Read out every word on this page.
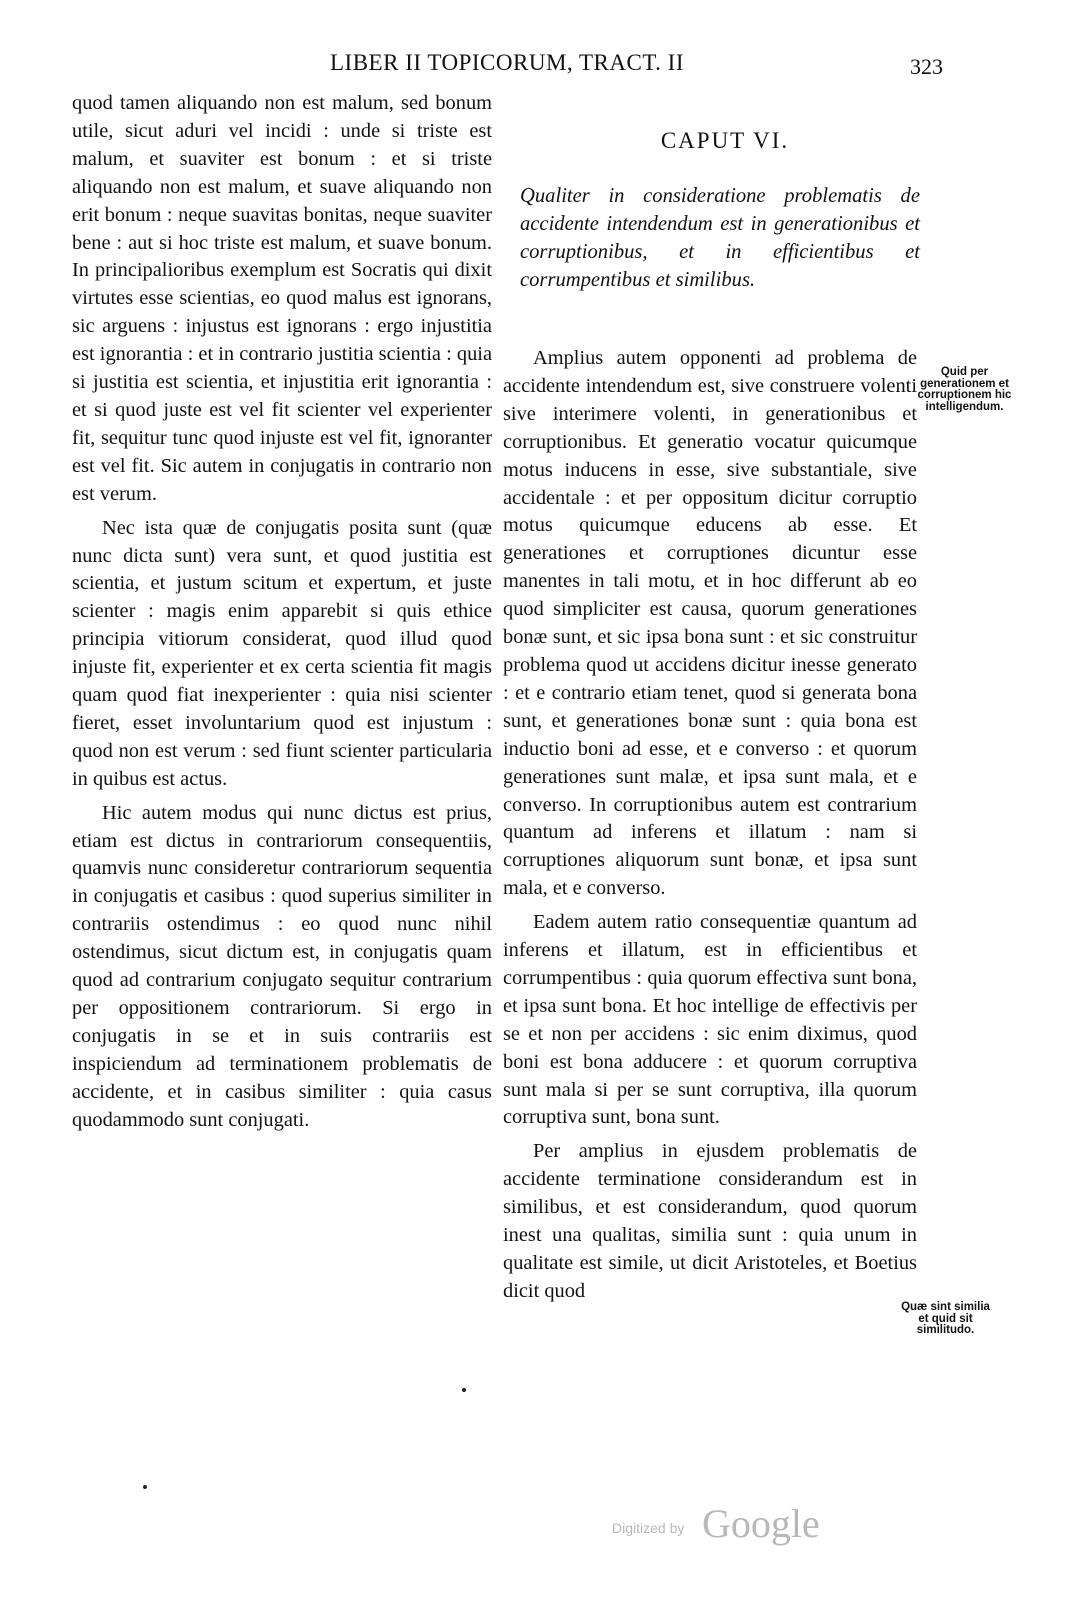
LIBER II TOPICORUM, TRACT. II	323

quod tamen aliquando non est malum, sed bonum utile, sicut aduri vel incidi : unde si triste est malum, et suaviter est bonum : et si triste aliquando non est malum, et suave aliquando non erit bonum : neque suavitas bonitas, neque suaviter bene : aut si hoc triste est malum, et suave bonum. In principalioribus exemplum est Socratis qui dixit virtutes esse scientias, eo quod malus est ignorans, sic arguens : injustus est ignorans : ergo injustitia est ignorantia : et in contrario justitia scientia : quia si justitia est scientia, et injustitia erit ignorantia : et si quod juste est vel fit scienter vel experienter fit, sequitur tunc quod injuste est vel fit, ignoranter est vel fit. Sic autem in conjugatis in contrario non est verum.

Nec ista quæ de conjugatis posita sunt (quæ nunc dicta sunt) vera sunt, et quod justitia est scientia, et justum scitum et expertum, et juste scienter : magis enim apparebit si quis ethice principia vitiorum considerat, quod illud quod injuste fit, experienter et ex certa scientia fit magis quam quod fiat inexperienter : quia nisi scienter fieret, esset involuntarium quod est injustum : quod non est verum : sed fiunt scienter particularia in quibus est actus.

Hic autem modus qui nunc dictus est prius, etiam est dictus in contrariorum consequentiis, quamvis nunc consideretur contrariorum sequentia in conjugatis et casibus : quod superius similiter in contrariis ostendimus : eo quod nunc nihil ostendimus, sicut dictum est, in conjugatis quam quod ad contrarium conjugato sequitur contrarium per oppositionem contrariorum. Si ergo in conjugatis in se et in suis contrariis est inspiciendum ad terminationem problematis de accidente, et in casibus similiter : quia casus quodammodo sunt conjugati.

CAPUT VI.
Qualiter in consideratione problematis de accidente intendendum est in generationibus et corruptionibus, et in efficientibus et corrumpentibus et similibus.

Amplius autem opponenti ad problema de accidente intendendum est, sive construere volenti sive interimere volenti, in generationibus et corruptionibus. Et generatio vocatur quicumque motus inducens in esse, sive substantiale, sive accidentale : et per oppositum dicitur corruptio motus quicumque educens ab esse. Et generationes et corruptiones dicuntur esse manentes in tali motu, et in hoc differunt ab eo quod simpliciter est causa, quorum generationes bonæ sunt, et sic ipsa bona sunt : et sic construitur problema quod ut accidens dicitur inesse generato : et e contrario etiam tenet, quod si generata bona sunt, et generationes bonæ sunt : quia bona est inductio boni ad esse, et e converso : et quorum generationes sunt malæ, et ipsa sunt mala, et e converso. In corruptionibus autem est contrarium quantum ad inferens et illatum : nam si corruptiones aliquorum sunt bonæ, et ipsa sunt mala, et e converso.

Eadem autem ratio consequentiæ quantum ad inferens et illatum, est in efficientibus et corrumpentibus : quia quorum effectiva sunt bona, et ipsa sunt bona. Et hoc intellige de effectivis per se et non per accidens : sic enim diximus, quod boni est bona adducere : et quorum corruptiva sunt mala si per se sunt corruptiva, illa quorum corruptiva sunt, bona sunt.

Per amplius in ejusdem problematis de accidente terminatione considerandum est in similibus, et est considerandum, quod quorum inest una qualitas, similia sunt : quia unum in qualitate est simile, ut dicit Aristoteles, et Boetius dicit quod

Quid per generationem et corruptionem hic intelligendum.
Quæ sint similia et quid sit similitudo.
Digitized by Google
